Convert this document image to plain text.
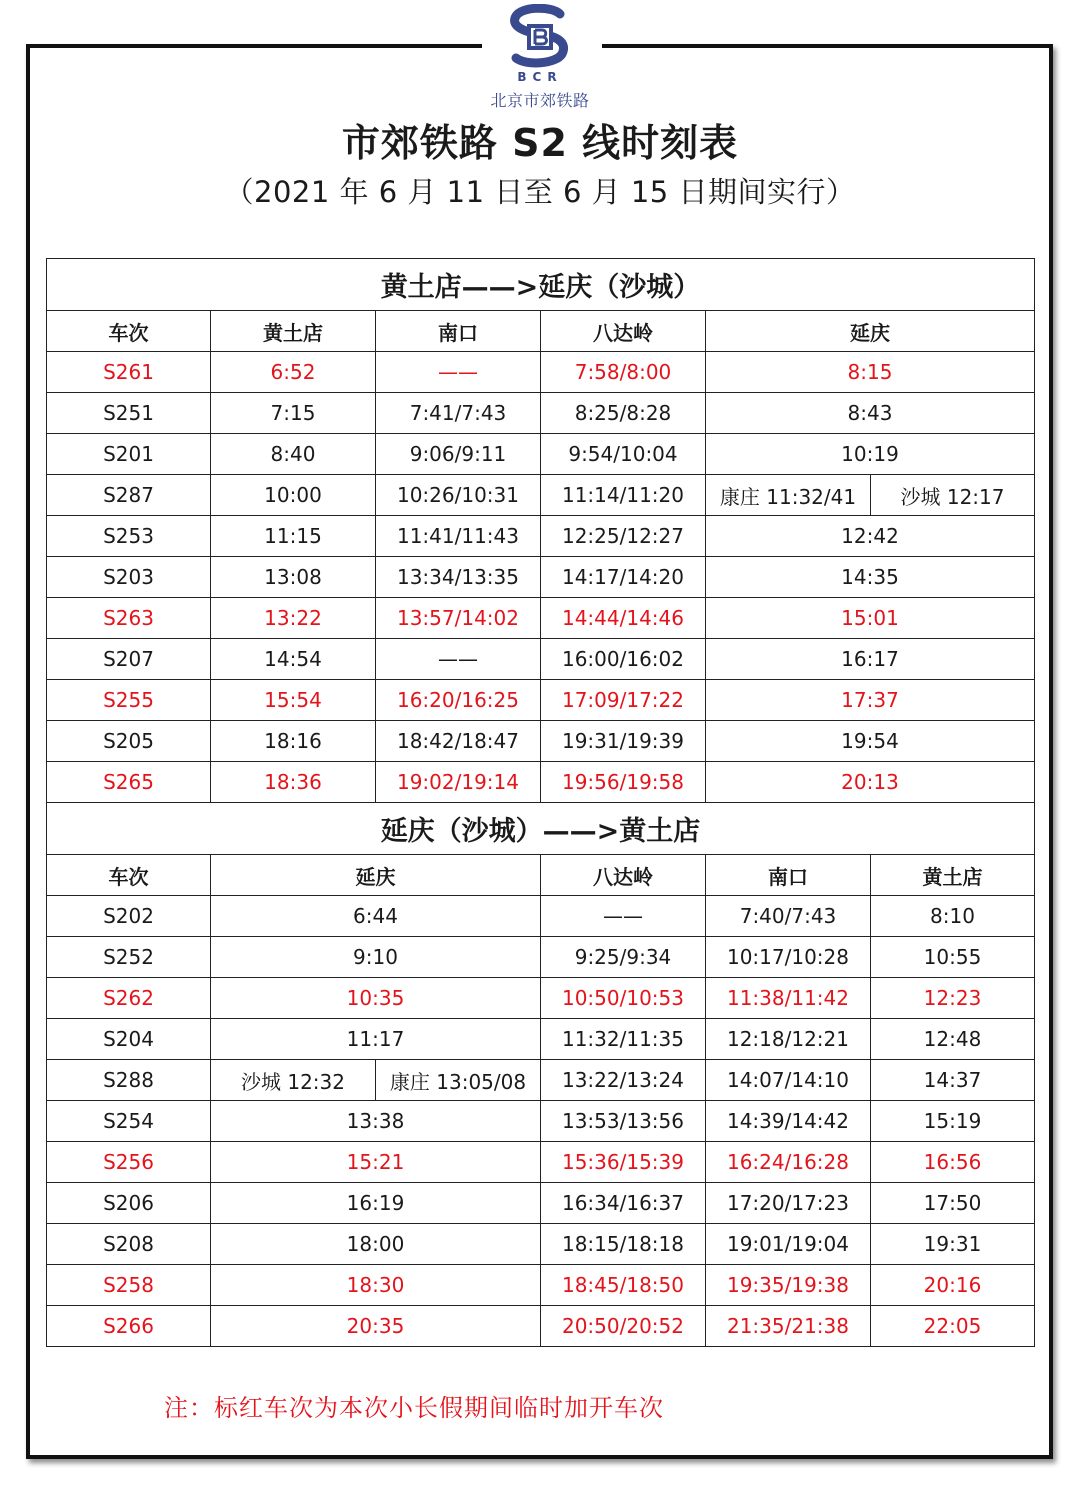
BCR
北京市郊铁路
市郊铁路 S2 线时刻表
（2021 年 6 月 11 日至 6 月 15 日期间实行）
黄土店——>延庆（沙城）					
车次	黄土店	南口	八达岭	延庆	
S261	6:52	——	7:58/8:00	8:15	
S251	7:15	7:41/7:43	8:25/8:28	8:43	
S201	8:40	9:06/9:11	9:54/10:04	10:19	
S287	10:00	10:26/10:31	11:14/11:20	康庄 11:32/41	沙城 12:17
S253	11:15	11:41/11:43	12:25/12:27	12:42	
S203	13:08	13:34/13:35	14:17/14:20	14:35	
S263	13:22	13:57/14:02	14:44/14:46	15:01	
S207	14:54	——	16:00/16:02	16:17	
S255	15:54	16:20/16:25	17:09/17:22	17:37	
S205	18:16	18:42/18:47	19:31/19:39	19:54	
S265	18:36	19:02/19:14	19:56/19:58	20:13	
延庆（沙城）——>黄土店					
车次	延庆		八达岭	南口	黄土店
S202	6:44		——	7:40/7:43	8:10
S252	9:10		9:25/9:34	10:17/10:28	10:55
S262	10:35		10:50/10:53	11:38/11:42	12:23
S204	11:17		11:32/11:35	12:18/12:21	12:48
S288	沙城 12:32	康庄 13:05/08	13:22/13:24	14:07/14:10	14:37
S254	13:38		13:53/13:56	14:39/14:42	15:19
S256	15:21		15:36/15:39	16:24/16:28	16:56
S206	16:19		16:34/16:37	17:20/17:23	17:50
S208	18:00		18:15/18:18	19:01/19:04	19:31
S258	18:30		18:45/18:50	19:35/19:38	20:16
S266	20:35		20:50/20:52	21:35/21:38	22:05
注：标红车次为本次小长假期间临时加开车次
